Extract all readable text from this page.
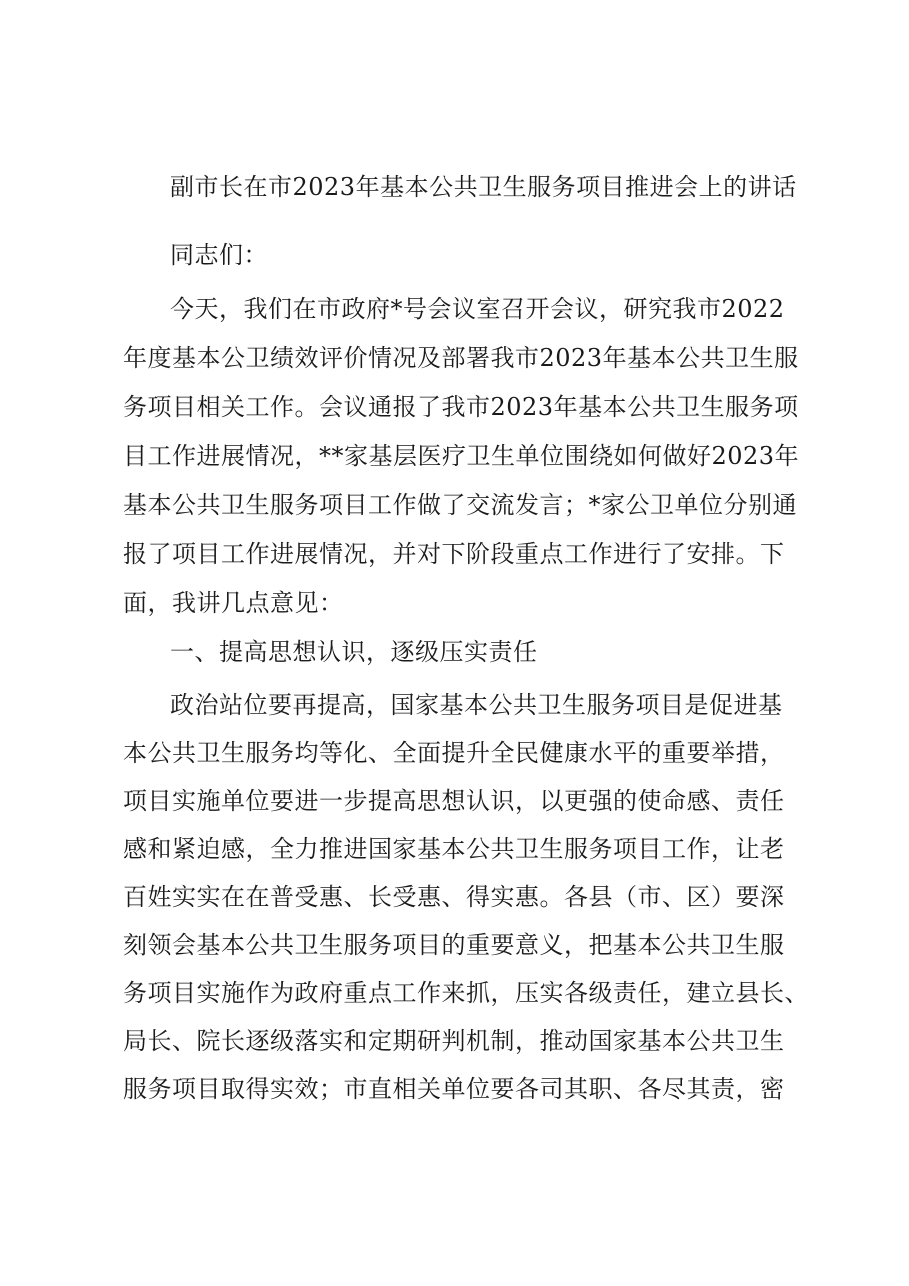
副市长在市2023年基本公共卫生服务项目推进会上的讲话
同志们：
今天，我们在市政府*号会议室召开会议，研究我市2022
年度基本公卫绩效评价情况及部署我市2023年基本公共卫生服
务项目相关工作。会议通报了我市2023年基本公共卫生服务项
目工作进展情况，**家基层医疗卫生单位围绕如何做好2023年
基本公共卫生服务项目工作做了交流发言；*家公卫单位分别通
报了项目工作进展情况，并对下阶段重点工作进行了安排。下
面，我讲几点意见：
一、提高思想认识，逐级压实责任
政治站位要再提高，国家基本公共卫生服务项目是促进基
本公共卫生服务均等化、全面提升全民健康水平的重要举措，
项目实施单位要进一步提高思想认识，以更强的使命感、责任
感和紧迫感，全力推进国家基本公共卫生服务项目工作，让老
百姓实实在在普受惠、长受惠、得实惠。各县（市、区）要深
刻领会基本公共卫生服务项目的重要意义，把基本公共卫生服
务项目实施作为政府重点工作来抓，压实各级责任，建立县长、
局长、院长逐级落实和定期研判机制，推动国家基本公共卫生
服务项目取得实效；市直相关单位要各司其职、各尽其责，密
